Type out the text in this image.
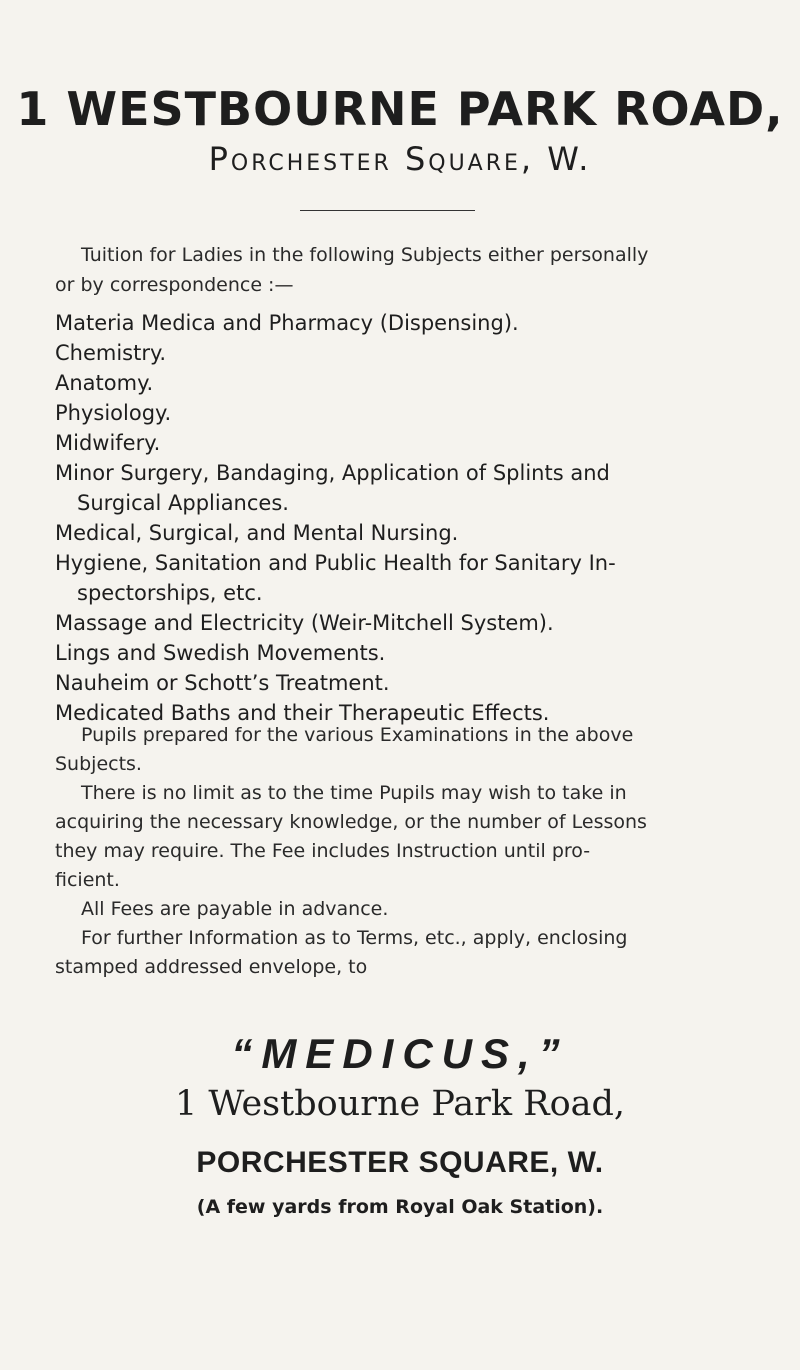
1 WESTBOURNE PARK ROAD,
Porchester Square, W.
Tuition for Ladies in the following Subjects either personally
or by correspondence :—
Materia Medica and Pharmacy (Dispensing).
Chemistry.
Anatomy.
Physiology.
Midwifery.
Minor Surgery, Bandaging, Application of Splints and
Surgical Appliances.
Medical, Surgical, and Mental Nursing.
Hygiene, Sanitation and Public Health for Sanitary In-
spectorships, etc.
Massage and Electricity (Weir-Mitchell System).
Lings and Swedish Movements.
Nauheim or Schott’s Treatment.
Medicated Baths and their Therapeutic Effects.
Pupils prepared for the various Examinations in the above
Subjects.
There is no limit as to the time Pupils may wish to take in
acquiring the necessary knowledge, or the number of Lessons
they may require. The Fee includes Instruction until pro-
ficient.
All Fees are payable in advance.
For further Information as to Terms, etc., apply, enclosing
stamped addressed envelope, to
“MEDICUS,”
1 Westbourne Park Road,
PORCHESTER SQUARE, W.
(A few yards from Royal Oak Station).
